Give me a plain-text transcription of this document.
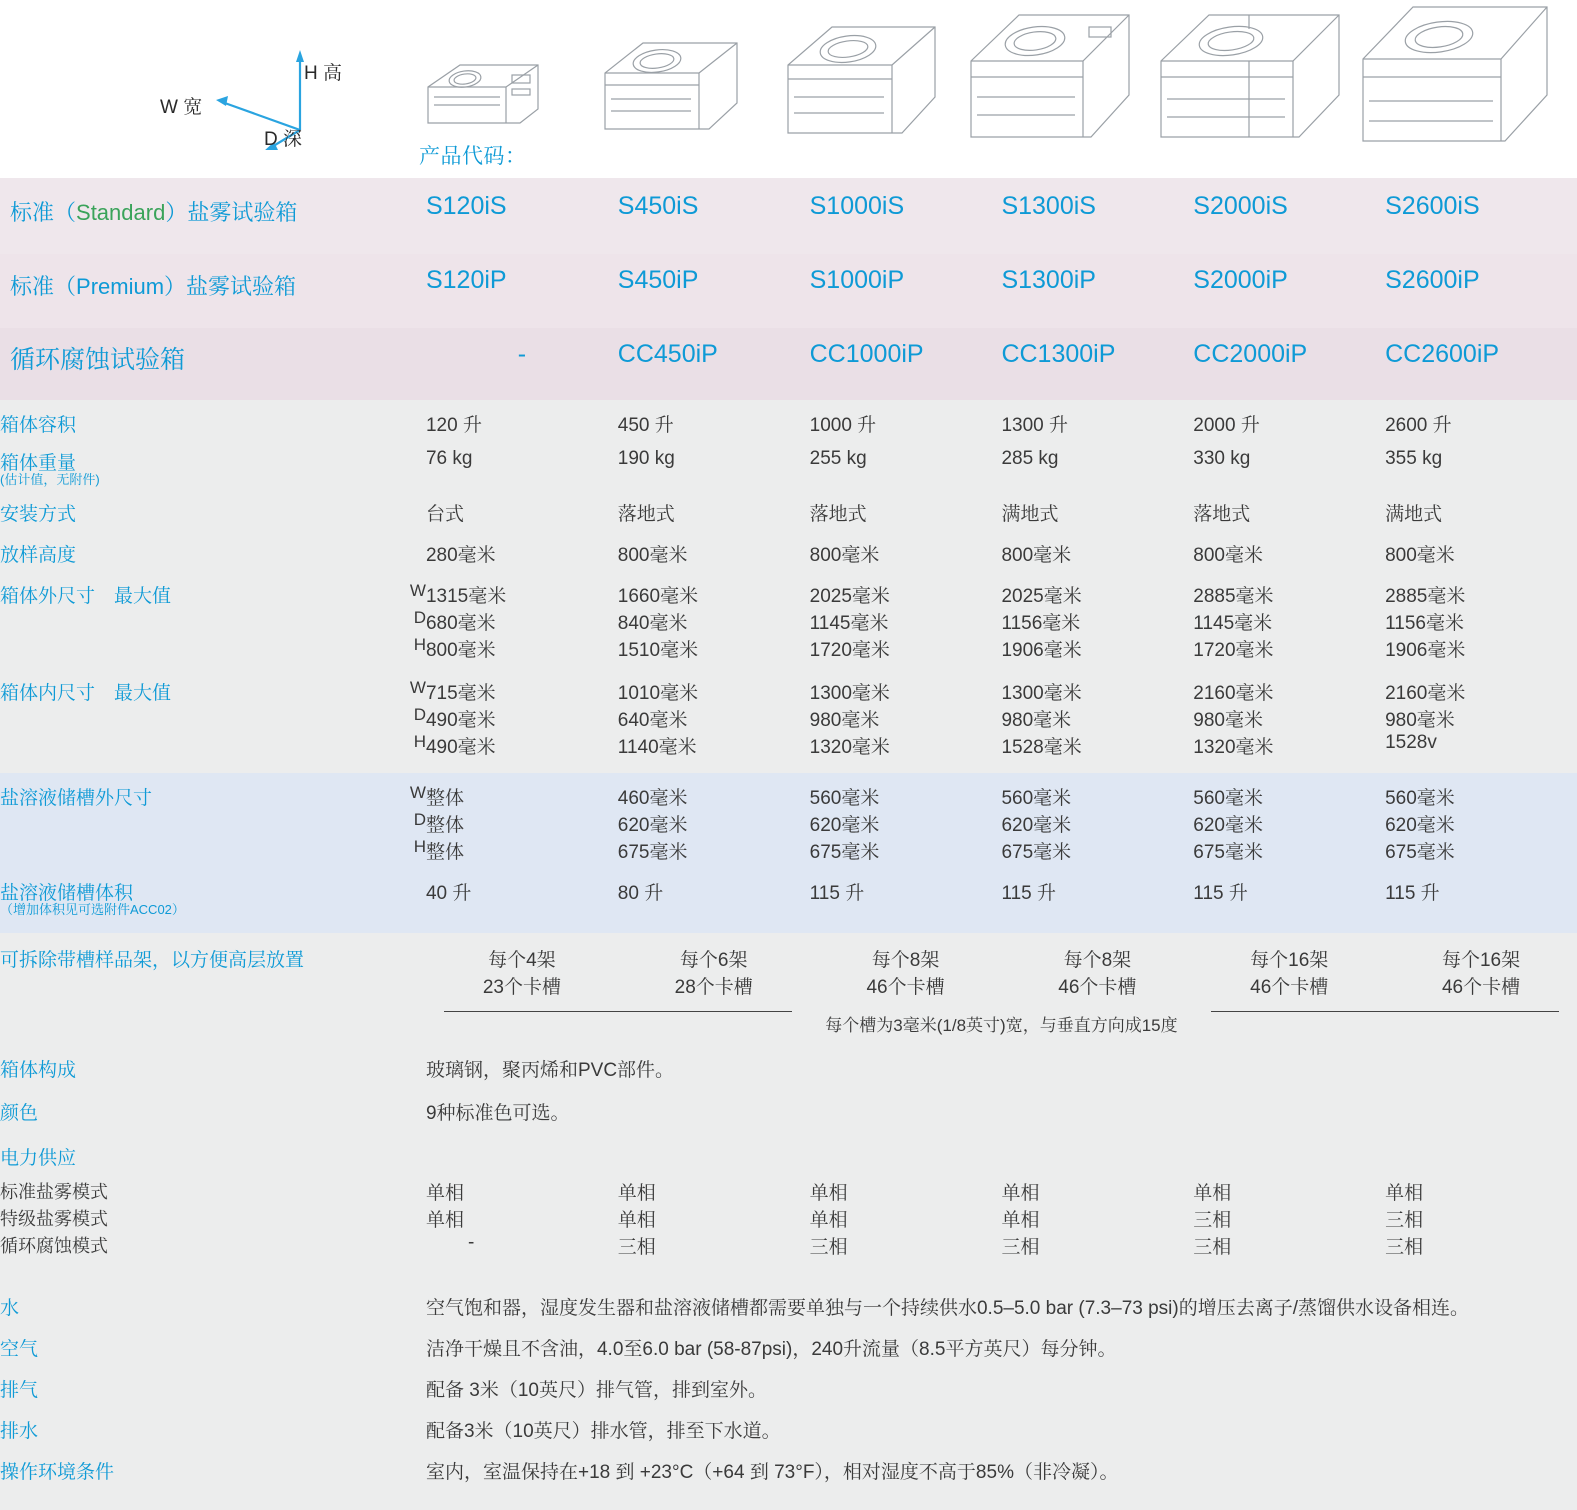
H 高
W 宽
D 深
产品代码：
标准（Standard）盐雾试验箱		S120iS	S450iS	S1000iS	S1300iS	S2000iS	S2600iS

标准（Premium）盐雾试验箱		S120iP	S450iP	S1000iP	S1300iP	S2000iP	S2600iP

循环腐蚀试验箱		-	CC450iP	CC1000iP	CC1300iP	CC2000iP	CC2600iP

箱体容积		120 升	450 升	1000 升	1300 升	2000 升	2600 升

箱体重量
(估计值，无附件)		76 kg	190 kg	255 kg	285 kg	330 kg	355 kg

安装方式		台式	落地式	落地式	满地式	落地式	满地式

放样高度		280毫米	800毫米	800毫米	800毫米	800毫米	800毫米

箱体外尺寸　最大值	W	1315毫米	1660毫米	2025毫米	2025毫米	2885毫米	2885毫米
	D	680毫米	840毫米	1145毫米	1156毫米	1145毫米	1156毫米
	H	800毫米	1510毫米	1720毫米	1906毫米	1720毫米	1906毫米

箱体内尺寸　最大值	W	715毫米	1010毫米	1300毫米	1300毫米	2160毫米	2160毫米
	D	490毫米	640毫米	980毫米	980毫米	980毫米	980毫米
	H	490毫米	1140毫米	1320毫米	1528毫米	1320毫米	1528v

盐溶液储槽外尺寸	W	整体	460毫米	560毫米	560毫米	560毫米	560毫米
	D	整体	620毫米	620毫米	620毫米	620毫米	620毫米
	H	整体	675毫米	675毫米	675毫米	675毫米	675毫米

盐溶液储槽体积
（增加体积见可选附件ACC02）		40 升	80 升	115 升	115 升	115 升	115 升

可拆除带槽样品架，以方便高层放置		每个4架	每个6架	每个8架	每个8架	每个16架	每个16架
		23个卡槽	28个卡槽	46个卡槽	46个卡槽	46个卡槽	46个卡槽

			每个槽为3毫米(1/8英寸)宽，与垂直方向成15度			

箱体构成		玻璃钢，聚丙烯和PVC部件。					

颜色		9种标准色可选。					

电力供应							
标准盐雾模式		单相	单相	单相	单相	单相	单相
特级盐雾模式		单相	单相	单相	单相	三相	三相
循环腐蚀模式		-	三相	三相	三相	三相	三相

水		空气饱和器，湿度发生器和盐溶液储槽都需要单独与一个持续供水0.5–5.0 bar (7.3–73 psi)的增压去离子/蒸馏供水设备相连。					

空气		洁净干燥且不含油，4.0至6.0 bar (58-87psi)，240升流量（8.5平方英尺）每分钟。					

排气		配备 3米（10英尺）排气管，排到室外。					

排水		配备3米（10英尺）排水管，排至下水道。					

操作环境条件		室内，室温保持在+18 到 +23°C（+64 到 73°F），相对湿度不高于85%（非冷凝）。					
